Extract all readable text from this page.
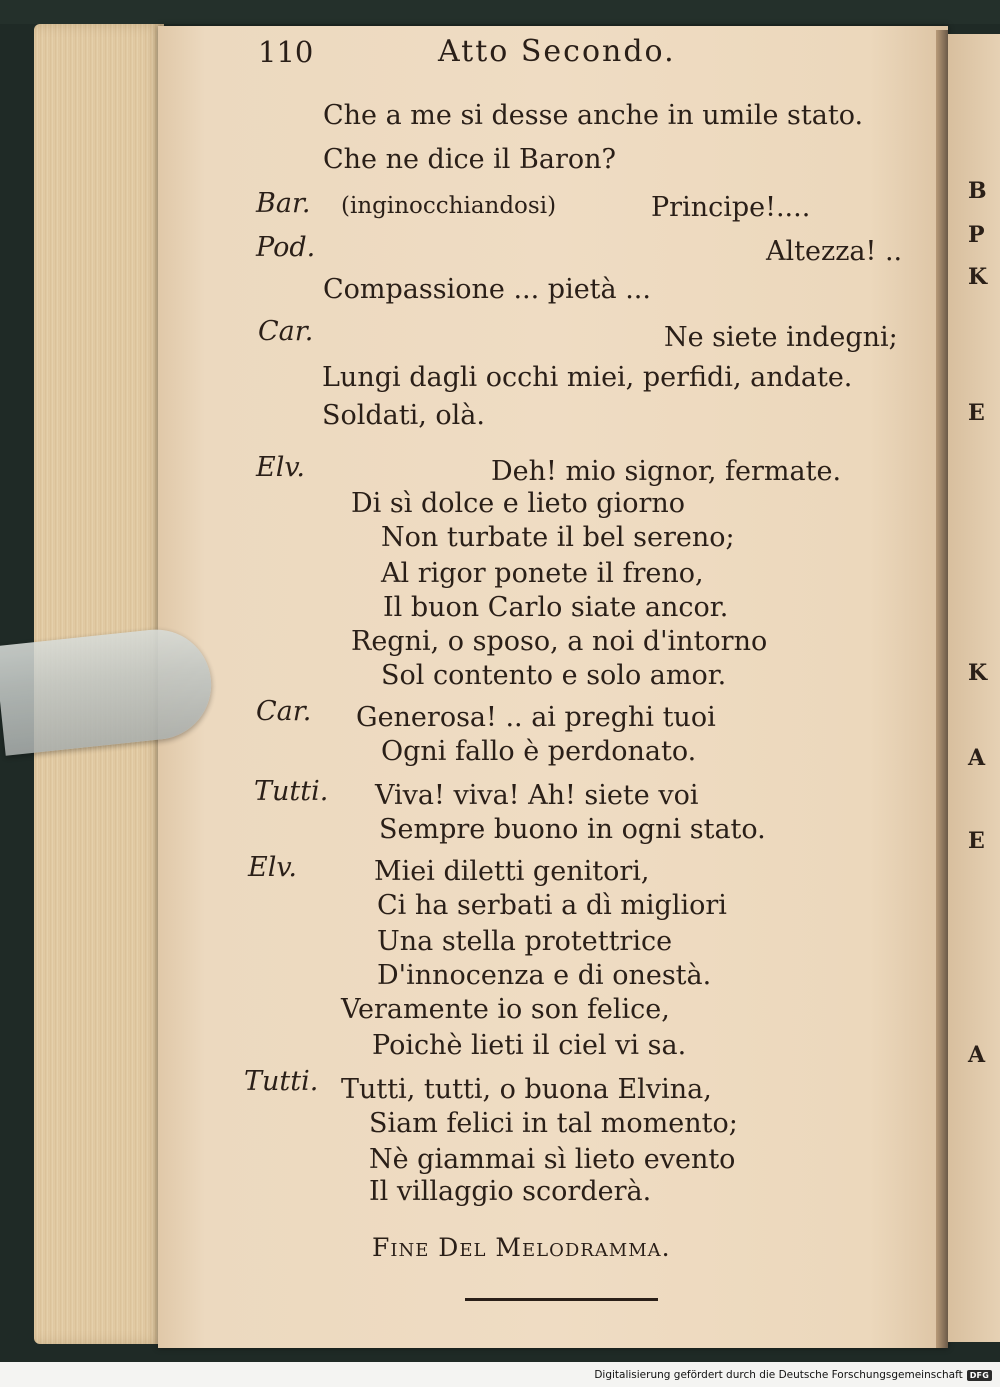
B
P
K
E
K
A
E
A
110	Atto Secondo.
Che a me si desse anche in umile stato.
Che ne dice il Baron?
Bar. (inginocchiandosi)	Principe!....
Pod.	Altezza! ..
Compassione ... pietà ...
Car.	Ne siete indegni;
Lungi dagli occhi miei, perfidi, andate.
Soldati, olà.
Elv.	Deh! mio signor, fermate.
Di sì dolce e lieto giorno
Non turbate il bel sereno;
Al rigor ponete il freno,
Il buon Carlo siate ancor.
Regni, o sposo, a noi d'intorno
Sol contento e solo amor.
Car. Generosa! .. ai preghi tuoi
Ogni fallo è perdonato.
Tutti. Viva! viva! Ah! siete voi
Sempre buono in ogni stato.
Elv.	Miei diletti genitori,
Ci ha serbati a dì migliori
Una stella protettrice
D'innocenza e di onestà.
Veramente io son felice,
Poichè lieti il ciel vi sa.
Tutti. Tutti, tutti, o buona Elvina,
Siam felici in tal momento;
Nè giammai sì lieto evento
Il villaggio scorderà.
Fine Del Melodramma.
Digitalisierung gefördert durch die Deutsche Forschungsgemeinschaft DFG
